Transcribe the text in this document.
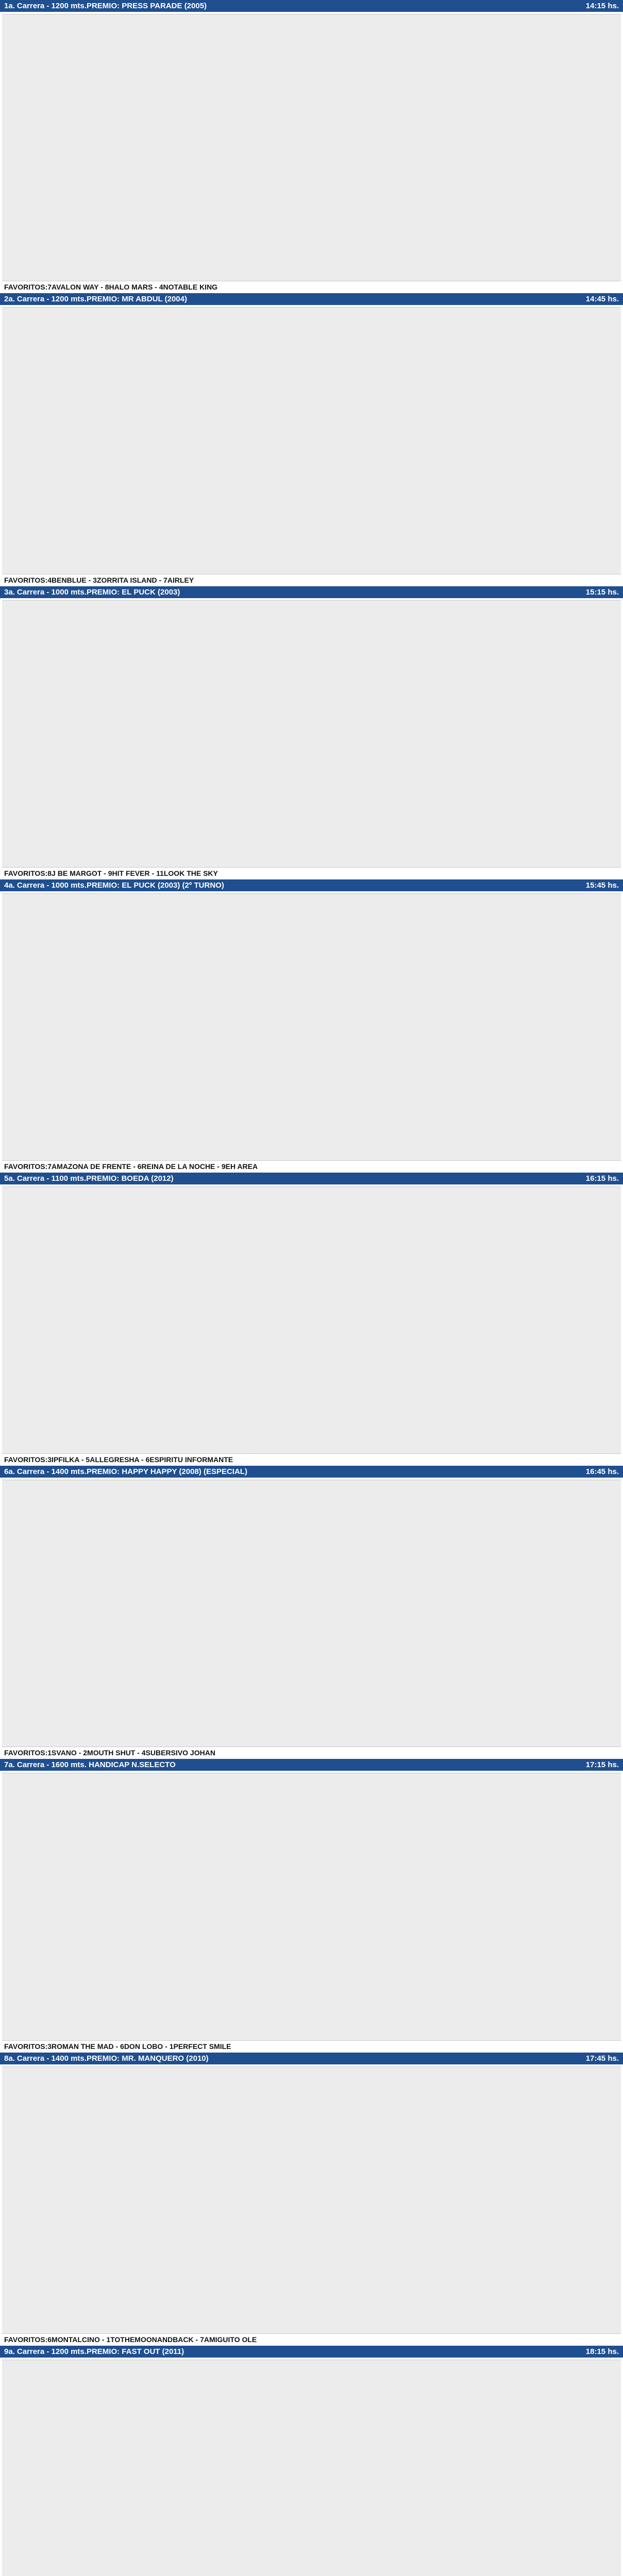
1a. Carrera - 1200 mts.PREMIO: PRESS PARADE (2005)	14:15 hs.
FAVORITOS:7AVALON WAY - 8HALO MARS - 4NOTABLE KING
2a. Carrera - 1200 mts.PREMIO: MR ABDUL (2004)	14:45 hs.
FAVORITOS:4BENBLUE - 3ZORRITA ISLAND - 7AIRLEY
3a. Carrera - 1000 mts.PREMIO: EL PUCK (2003)	15:15 hs.
FAVORITOS:8J BE MARGOT - 9HIT FEVER - 11LOOK THE SKY
4a. Carrera - 1000 mts.PREMIO: EL PUCK (2003) (2º TURNO)	15:45 hs.
FAVORITOS:7AMAZONA DE FRENTE - 6REINA DE LA NOCHE - 9EH AREA
5a. Carrera - 1100 mts.PREMIO: BOEDA (2012)	16:15 hs.
FAVORITOS:3IPFILKA - 5ALLEGRESHA - 6ESPIRITU INFORMANTE
6a. Carrera - 1400 mts.PREMIO: HAPPY HAPPY (2008) (ESPECIAL)	16:45 hs.
FAVORITOS:1SVANO - 2MOUTH SHUT - 4SUBERSIVO JOHAN
7a. Carrera - 1600 mts. HANDICAP N.SELECTO	17:15 hs.
FAVORITOS:3ROMAN THE MAD - 6DON LOBO - 1PERFECT SMILE
8a. Carrera - 1400 mts.PREMIO: MR. MANQUERO (2010)	17:45 hs.
FAVORITOS:6MONTALCINO - 1TOTHEMOONANDBACK - 7AMIGUITO OLE
9a. Carrera - 1200 mts.PREMIO: FAST OUT (2011)	18:15 hs.
